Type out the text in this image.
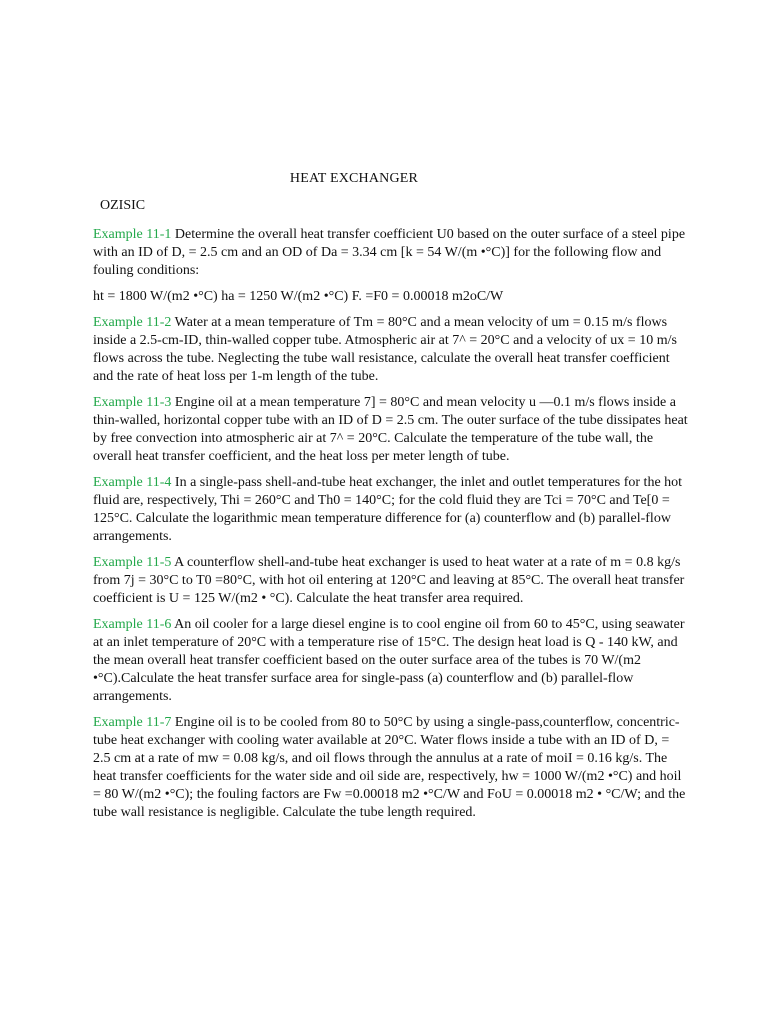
HEAT EXCHANGER
OZISIC

Example 11-1 Determine the overall heat transfer coefficient U0 based on the outer surface of a steel pipe with an ID of D, = 2.5 cm and an OD of Da = 3.34 cm [k = 54 W/(m •°C)] for the following flow and fouling conditions:

ht = 1800 W/(m2 •°C) ha = 1250 W/(m2 •°C) F. =F0 = 0.00018 m2oC/W

Example 11-2 Water at a mean temperature of Tm = 80°C and a mean velocity of um = 0.15 m/s flows inside a 2.5-cm-ID, thin-walled copper tube. Atmospheric air at 7^ = 20°C and a velocity of ux = 10 m/s flows across the tube. Neglecting the tube wall resistance, calculate the overall heat transfer coefficient and the rate of heat loss per 1-m length of the tube.

Example 11-3 Engine oil at a mean temperature 7] = 80°C and mean velocity u —0.1 m/s flows inside a thin-walled, horizontal copper tube with an ID of D = 2.5 cm. The outer surface of the tube dissipates heat by free convection into atmospheric air at 7^ = 20°C. Calculate the temperature of the tube wall, the overall heat transfer coefficient, and the heat loss per meter length of tube.

Example 11-4 In a single-pass shell-and-tube heat exchanger, the inlet and outlet temperatures for the hot fluid are, respectively, Thi = 260°C and Th0 = 140°C; for the cold fluid they are Tci = 70°C and Te[0 = 125°C. Calculate the logarithmic mean temperature difference for (a) counterflow and (b) parallel-flow arrangements.

Example 11-5 A counterflow shell-and-tube heat exchanger is used to heat water at a rate of m = 0.8 kg/s from 7j = 30°C to T0 =80°C, with hot oil entering at 120°C and leaving at 85°C. The overall heat transfer coefficient is U = 125 W/(m2 • °C). Calculate the heat transfer area required.

Example 11-6 An oil cooler for a large diesel engine is to cool engine oil from 60 to 45°C, using seawater at an inlet temperature of 20°C with a temperature rise of 15°C. The design heat load is Q - 140 kW, and the mean overall heat transfer coefficient based on the outer surface area of the tubes is 70 W/(m2 •°C).Calculate the heat transfer surface area for single-pass (a) counterflow and (b) parallel-flow arrangements.

Example 11-7 Engine oil is to be cooled from 80 to 50°C by using a single-pass,counterflow, concentric-tube heat exchanger with cooling water available at 20°C. Water flows inside a tube with an ID of D, = 2.5 cm at a rate of mw = 0.08 kg/s, and oil flows through the annulus at a rate of moiI = 0.16 kg/s. The heat transfer coefficients for the water side and oil side are, respectively, hw = 1000 W/(m2 •°C) and hoil = 80 W/(m2 •°C); the fouling factors are Fw =0.00018 m2 •°C/W and FoU = 0.00018 m2 • °C/W; and the tube wall resistance is negligible. Calculate the tube length required.
